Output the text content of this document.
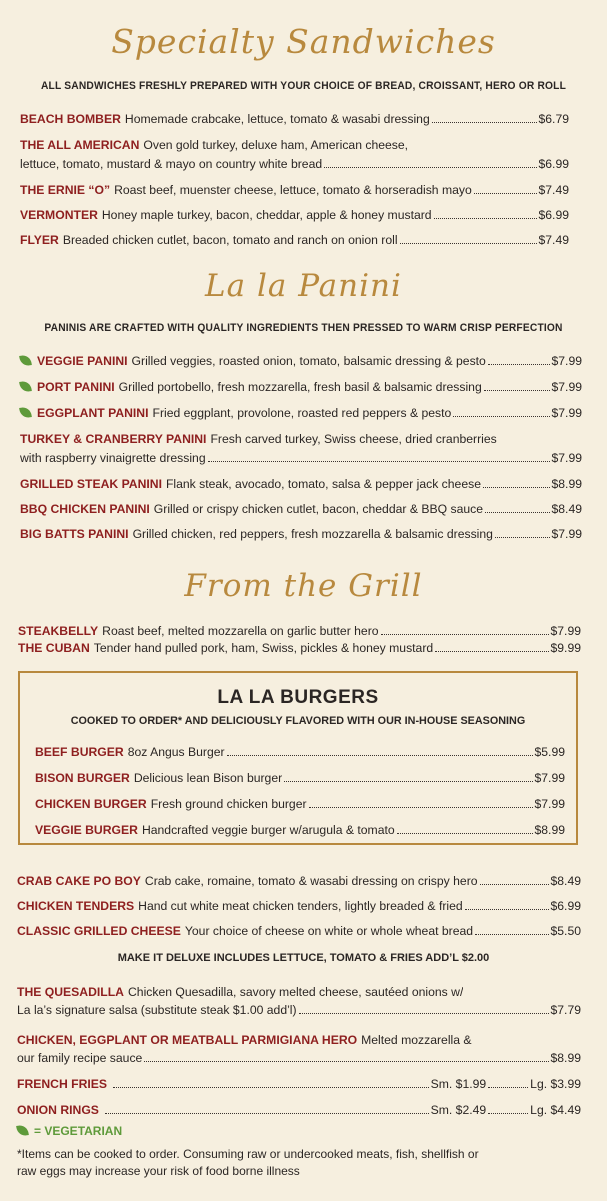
Specialty Sandwiches
ALL SANDWICHES FRESHLY PREPARED WITH YOUR CHOICE OF BREAD, CROISSANT, HERO OR ROLL
BEACH BOMBER Homemade crabcake, lettuce, tomato & wasabi dressing	$6.79
THE ALL AMERICAN Oven gold turkey, deluxe ham, American cheese,
lettuce, tomato, mustard & mayo on country white bread	$6.99
THE ERNIE “O” Roast beef, muenster cheese, lettuce, tomato & horseradish mayo	$7.49
VERMONTER Honey maple turkey, bacon, cheddar, apple & honey mustard	$6.99
FLYER Breaded chicken cutlet, bacon, tomato and ranch on onion roll	$7.49
La la Panini
PANINIS ARE CRAFTED WITH QUALITY INGREDIENTS THEN PRESSED TO WARM CRISP PERFECTION
VEGGIE PANINI Grilled veggies, roasted onion, tomato, balsamic dressing & pesto	$7.99
PORT PANINI Grilled portobello, fresh mozzarella, fresh basil & balsamic dressing	$7.99
EGGPLANT PANINI Fried eggplant, provolone, roasted red peppers & pesto	$7.99
TURKEY & CRANBERRY PANINI Fresh carved turkey, Swiss cheese, dried cranberries
with raspberry vinaigrette dressing	$7.99
GRILLED STEAK PANINI Flank steak, avocado, tomato, salsa & pepper jack cheese	$8.99
BBQ CHICKEN PANINI Grilled or crispy chicken cutlet, bacon, cheddar & BBQ sauce	$8.49
BIG BATTS PANINI Grilled chicken, red peppers, fresh mozzarella & balsamic dressing	$7.99
From the Grill
STEAKBELLY Roast beef, melted mozzarella on garlic butter hero	$7.99
THE CUBAN Tender hand pulled pork, ham, Swiss, pickles & honey mustard	$9.99
LA LA BURGERS
COOKED TO ORDER* AND DELICIOUSLY FLAVORED WITH OUR IN-HOUSE SEASONING
BEEF BURGER 8oz Angus Burger	$5.99
BISON BURGER Delicious lean Bison burger	$7.99
CHICKEN BURGER Fresh ground chicken burger	$7.99
VEGGIE BURGER Handcrafted veggie burger w/arugula & tomato	$8.99
CRAB CAKE PO BOY Crab cake, romaine, tomato & wasabi dressing on crispy hero	$8.49
CHICKEN TENDERS Hand cut white meat chicken tenders, lightly breaded & fried	$6.99
CLASSIC GRILLED CHEESE Your choice of cheese on white or whole wheat bread	$5.50
MAKE IT DELUXE INCLUDES LETTUCE, TOMATO & FRIES ADD’L $2.00
THE QUESADILLA Chicken Quesadilla, savory melted cheese, sautéed onions w/
La la’s signature salsa (substitute steak $1.00 add’l)	$7.79
CHICKEN, EGGPLANT OR MEATBALL PARMIGIANA HERO Melted mozzarella &
our family recipe sauce	$8.99
FRENCH FRIES	Sm. $1.99	Lg. $3.99
ONION RINGS	Sm. $2.49	Lg. $4.49
= VEGETARIAN
*Items can be cooked to order. Consuming raw or undercooked meats, fish, shellfish or
raw eggs may increase your risk of food borne illness
